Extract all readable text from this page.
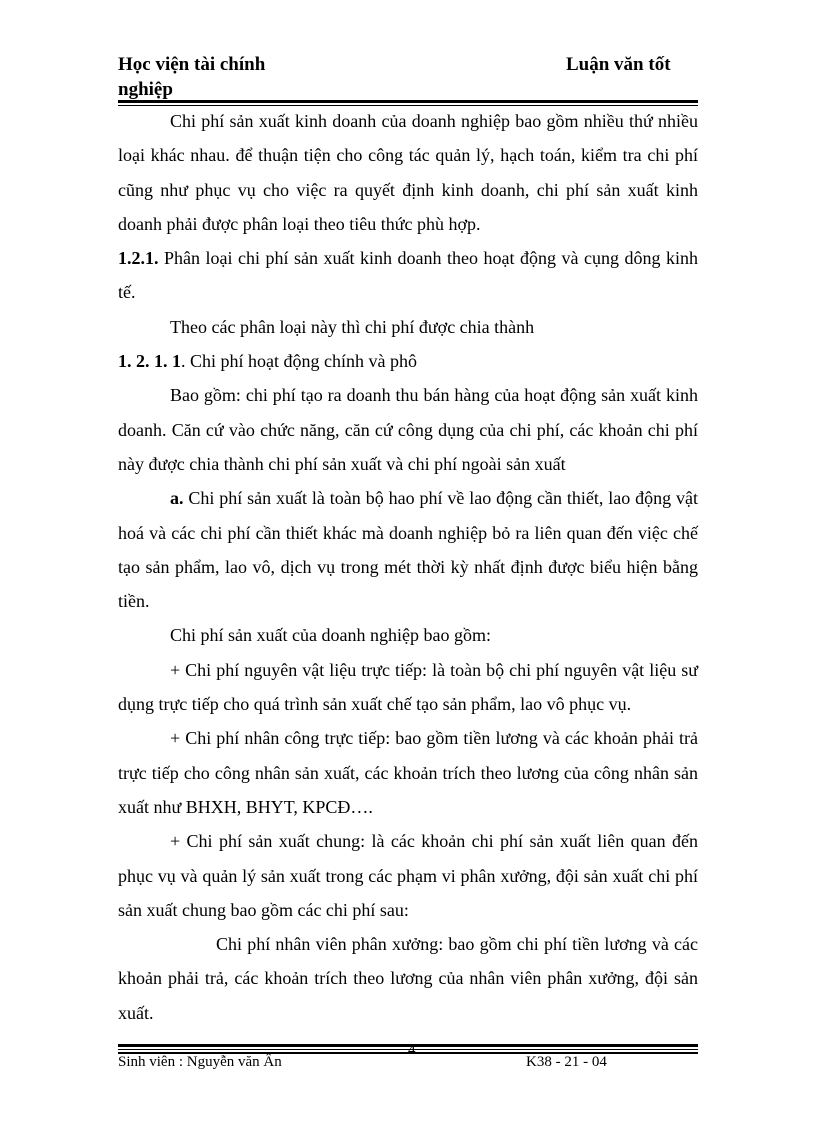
Học viện tài chính	Luận văn tốt
nghiệp

Chi phí sản xuất kinh doanh của doanh nghiệp bao gồm nhiều thứ nhiều loại khác nhau. để thuận tiện cho công tác quản lý, hạch toán, kiểm tra chi phí cũng như phục vụ cho việc ra quyết định kinh doanh, chi phí sản xuất kinh doanh phải được phân loại theo tiêu thức phù hợp.

1.2.1. Phân loại chi phí sản xuất kinh doanh theo hoạt động và cụng dông kinh tế.

Theo các phân loại này thì chi phí được chia thành

1. 2. 1. 1. Chi phí hoạt động chính và phô

Bao gồm: chi phí tạo ra doanh thu bán hàng của hoạt động sản xuất kinh doanh. Căn cứ vào chức năng, căn cứ công dụng của chi phí, các khoản chi phí này được chia thành chi phí sản xuất và chi phí ngoài sản xuất

a. Chi phí sản xuất là toàn bộ hao phí về lao động cần thiết, lao động vật hoá và các chi phí cần thiết khác mà doanh nghiệp bỏ ra liên quan đến việc chế tạo sản phẩm, lao vô, dịch vụ trong mét thời kỳ nhất định được biểu hiện bằng tiền.

Chi phí sản xuất của doanh nghiệp bao gồm:

+ Chi phí nguyên vật liệu trực tiếp: là toàn bộ chi phí nguyên vật liệu sư dụng trực tiếp cho quá trình sản xuất chế tạo sản phẩm, lao vô phục vụ.

+ Chi phí nhân công trực tiếp: bao gồm tiền lương và các khoản phải trả trực tiếp cho công nhân sản xuất, các khoản trích theo lương của công nhân sản xuất như BHXH, BHYT, KPCĐ….

+ Chi phí sản xuất chung: là các khoản chi phí sản xuất liên quan đến phục vụ và quản lý sản xuất trong các phạm vi phân xưởng, đội sản xuất chi phí sản xuất chung bao gồm các chi phí sau:

Chi phí nhân viên phân xưởng: bao gồm chi phí tiền lương và các khoản phải trả, các khoản trích theo lương của nhân viên phân xưởng, đội sản xuất.

Sinh viên : Nguyễn văn Ân
4
K38 - 21 - 04
